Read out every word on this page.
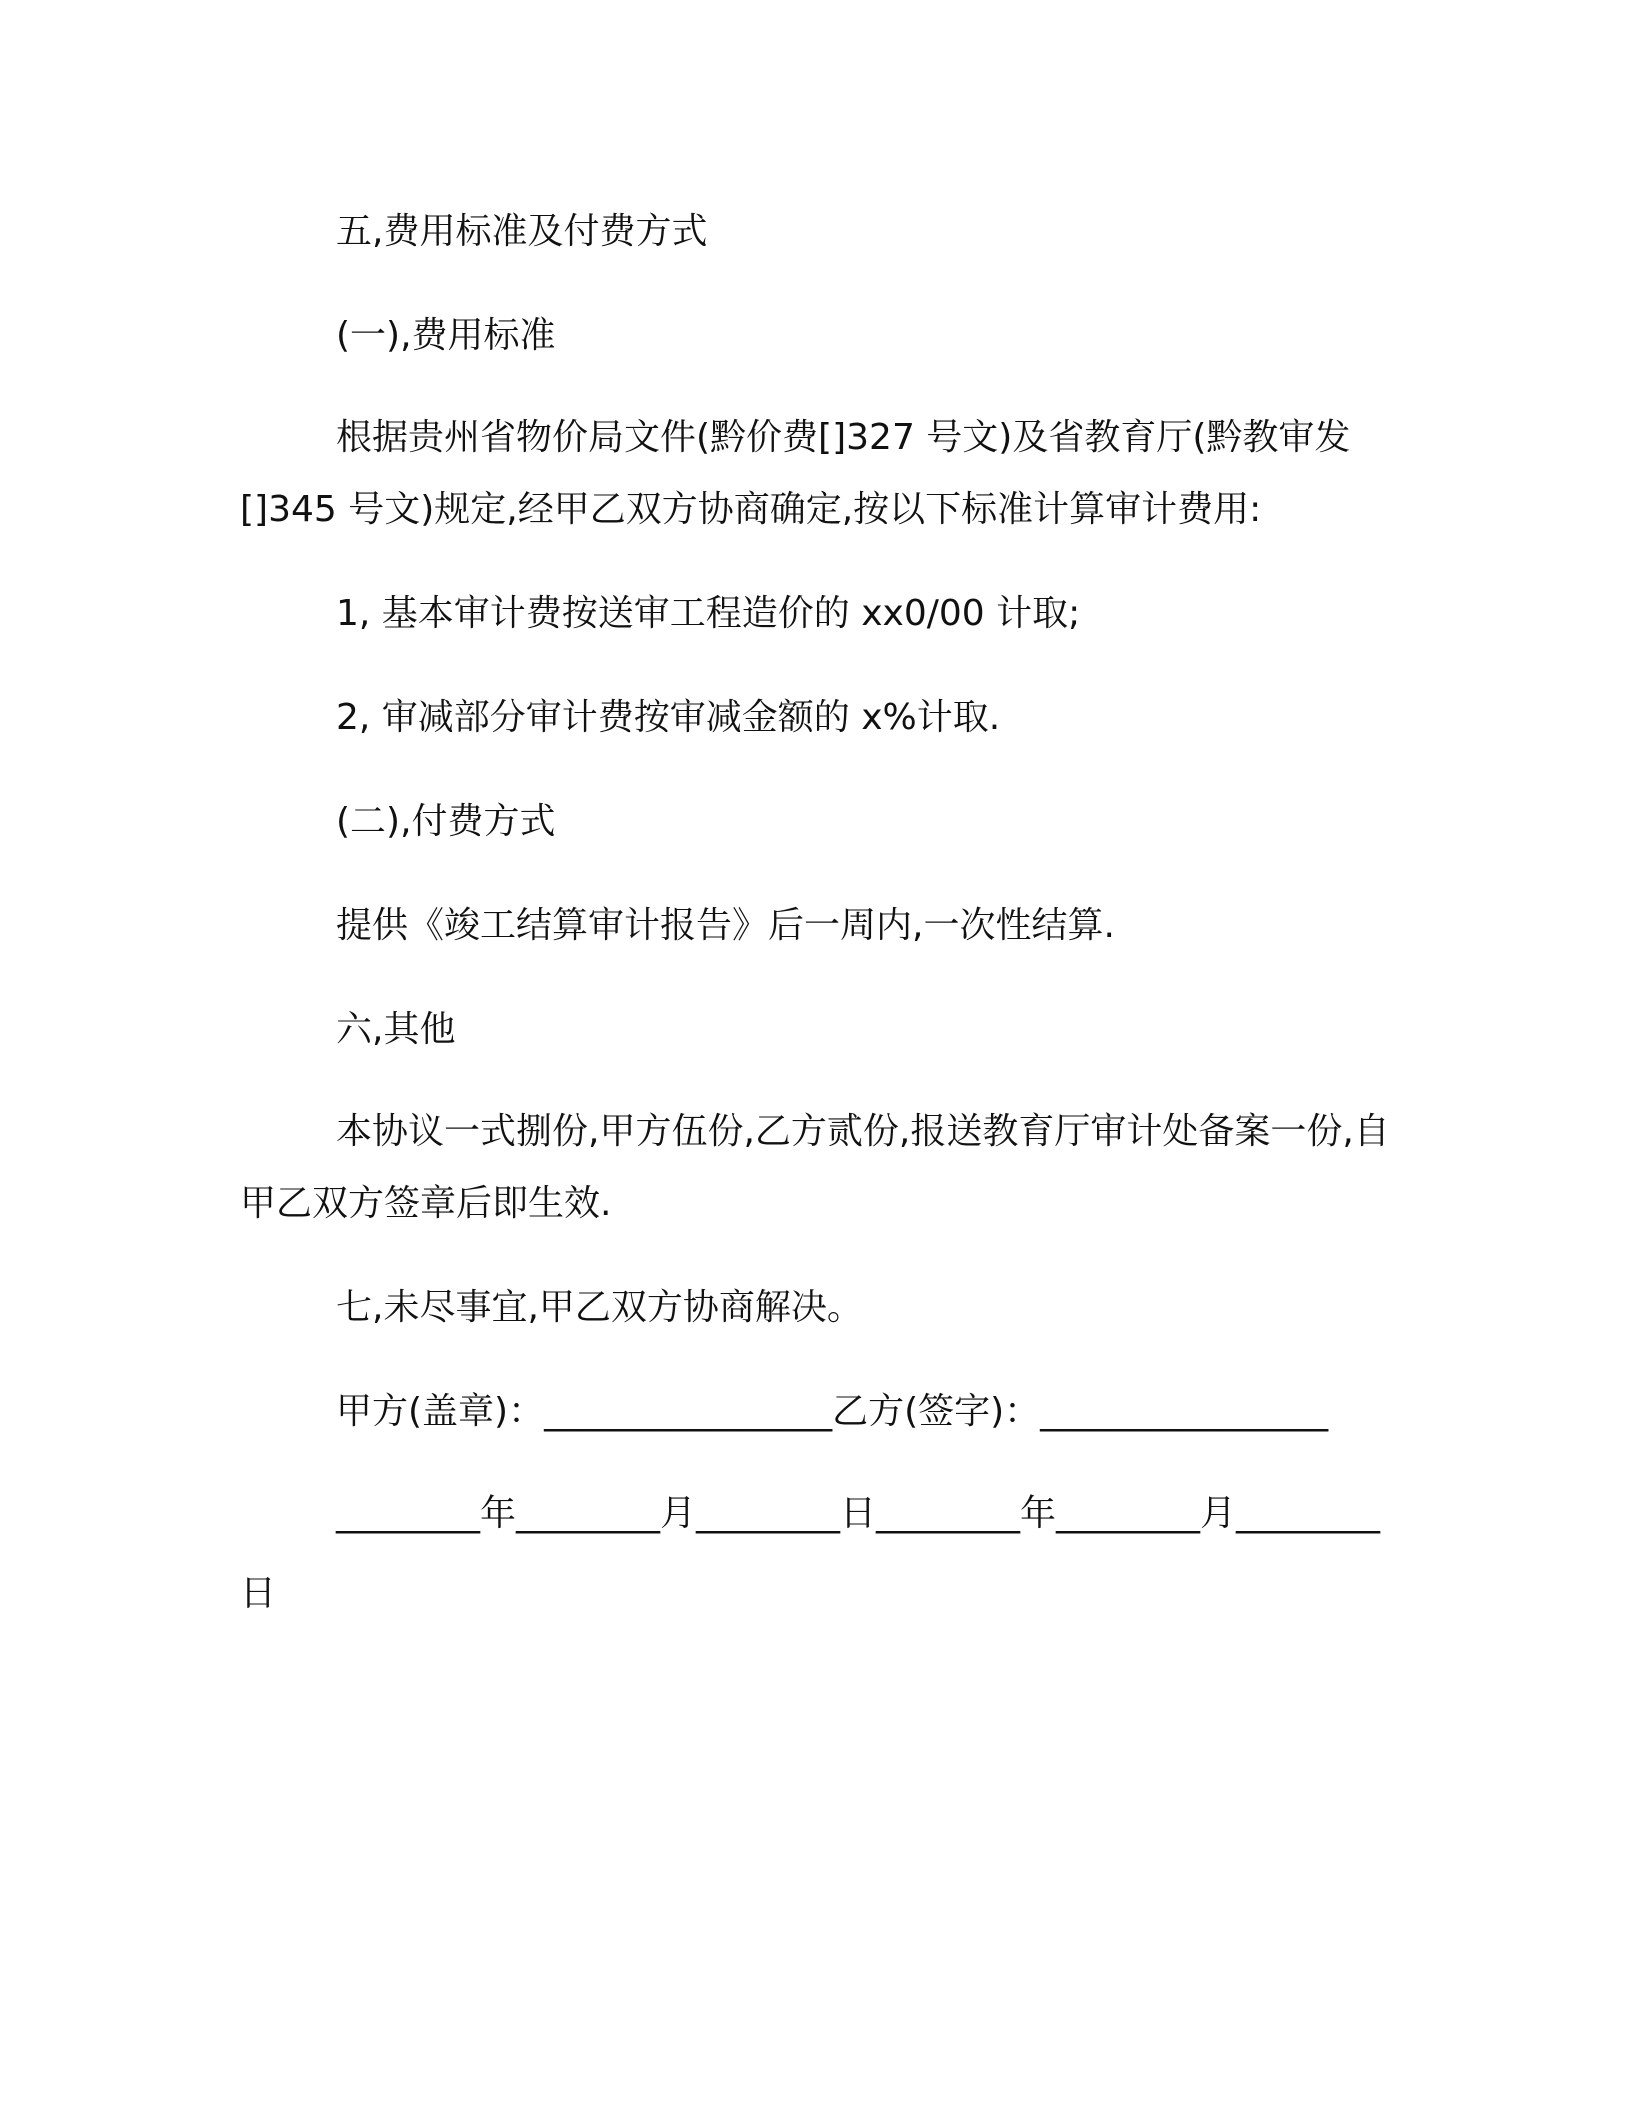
五,费用标准及付费方式

(一),费用标准

根据贵州省物价局文件(黔价费[]327 号文)及省教育厅(黔教审发[]345 号文)规定,经甲乙双方协商确定,按以下标准计算审计费用:

1, 基本审计费按送审工程造价的 xx0/00 计取;

2, 审减部分审计费按审减金额的 x%计取.

(二),付费方式

提供《竣工结算审计报告》后一周内,一次性结算.

六,其他

本协议一式捌份,甲方伍份,乙方贰份,报送教育厅审计处备案一份,自甲乙双方签章后即生效.

七,未尽事宜,甲乙双方协商解决。

甲方(盖章)：________________乙方(签字)：________________

________年________月________日________年________月________日
